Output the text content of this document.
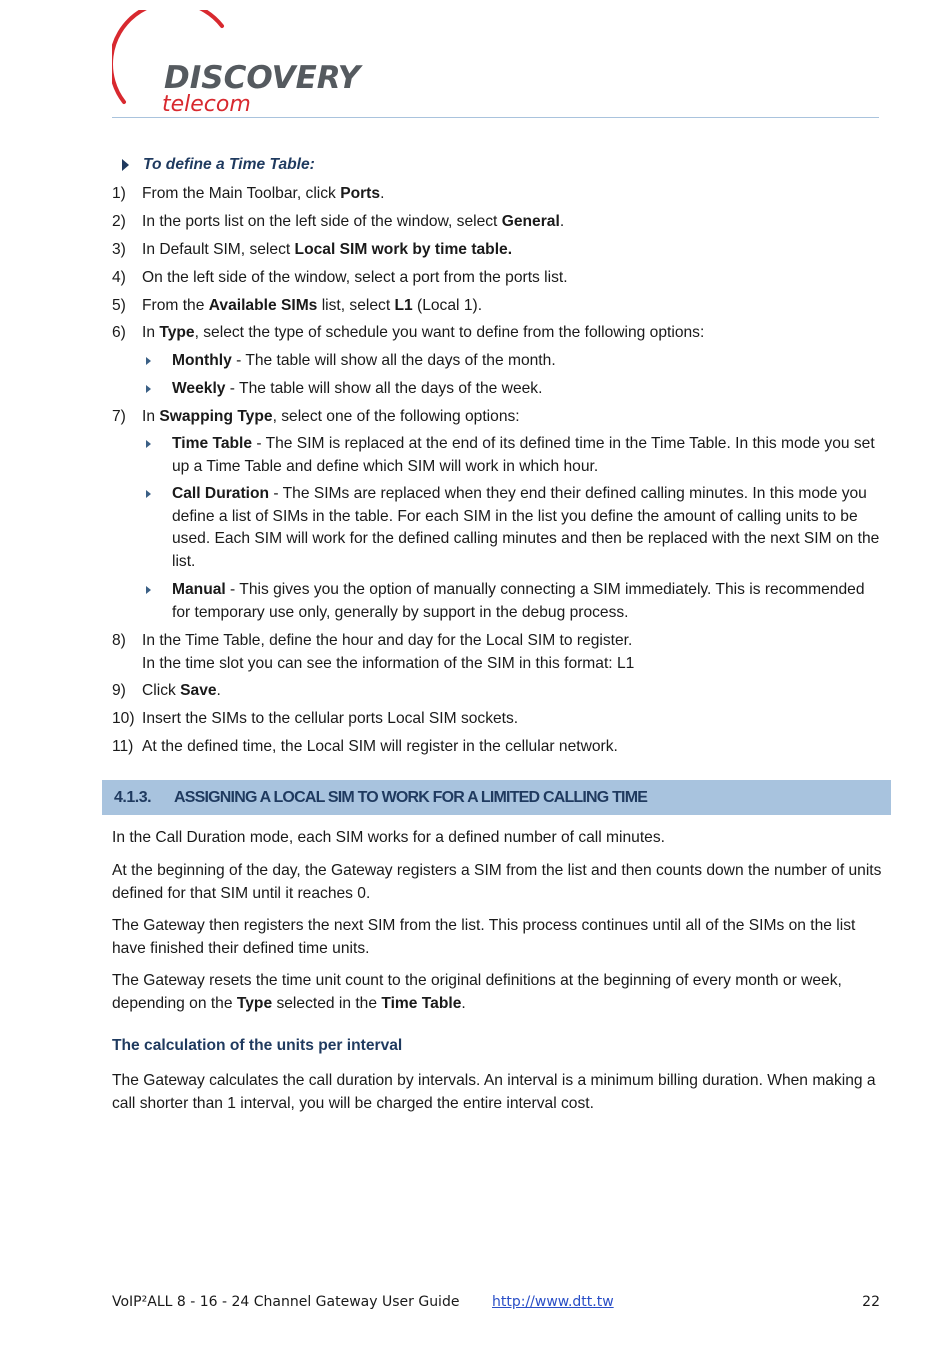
DISCOVERY
telecom
To define a Time Table:
1)	From the Main Toolbar, click Ports.
2)	In the ports list on the left side of the window, select General.
3)	In Default SIM, select Local SIM work by time table.
4)	On the left side of the window, select a port from the ports list.
5)	From the Available SIMs list, select L1 (Local 1).
6)	In Type, select the type of schedule you want to define from the following options:
Monthly - The table will show all the days of the month.
Weekly - The table will show all the days of the week.
7)	In Swapping Type, select one of the following options:
Time Table - The SIM is replaced at the end of its defined time in the Time Table. In this mode you set up a Time Table and define which SIM will work in which hour.
Call Duration - The SIMs are replaced when they end their defined calling minutes. In this mode you define a list of SIMs in the table. For each SIM in the list you define the amount of calling units to be used. Each SIM will work for the defined calling minutes and then be replaced with the next SIM on the list.
Manual - This gives you the option of manually connecting a SIM immediately. This is recommended for temporary use only, generally by support in the debug process.
8)	In the Time Table, define the hour and day for the Local SIM to register.
In the time slot you can see the information of the SIM in this format: L1
9)	Click Save.
10) Insert the SIMs to the cellular ports Local SIM sockets.
11) At the defined time, the Local SIM will register in the cellular network.
4.1.3.	ASSIGNING A LOCAL SIM TO WORK FOR A LIMITED CALLING TIME
In the Call Duration mode, each SIM works for a defined number of call minutes.
At the beginning of the day, the Gateway registers a SIM from the list and then counts down the number of units defined for that SIM until it reaches 0.
The Gateway then registers the next SIM from the list. This process continues until all of the SIMs on the list have finished their defined time units.
The Gateway resets the time unit count to the original definitions at the beginning of every month or week, depending on the Type selected in the Time Table.
The calculation of the units per interval
The Gateway calculates the call duration by intervals. An interval is a minimum billing duration. When making a call shorter than 1 interval, you will be charged the entire interval cost.
VoIP²ALL 8 - 16 - 24 Channel Gateway User Guide http://www.dtt.tw	22
